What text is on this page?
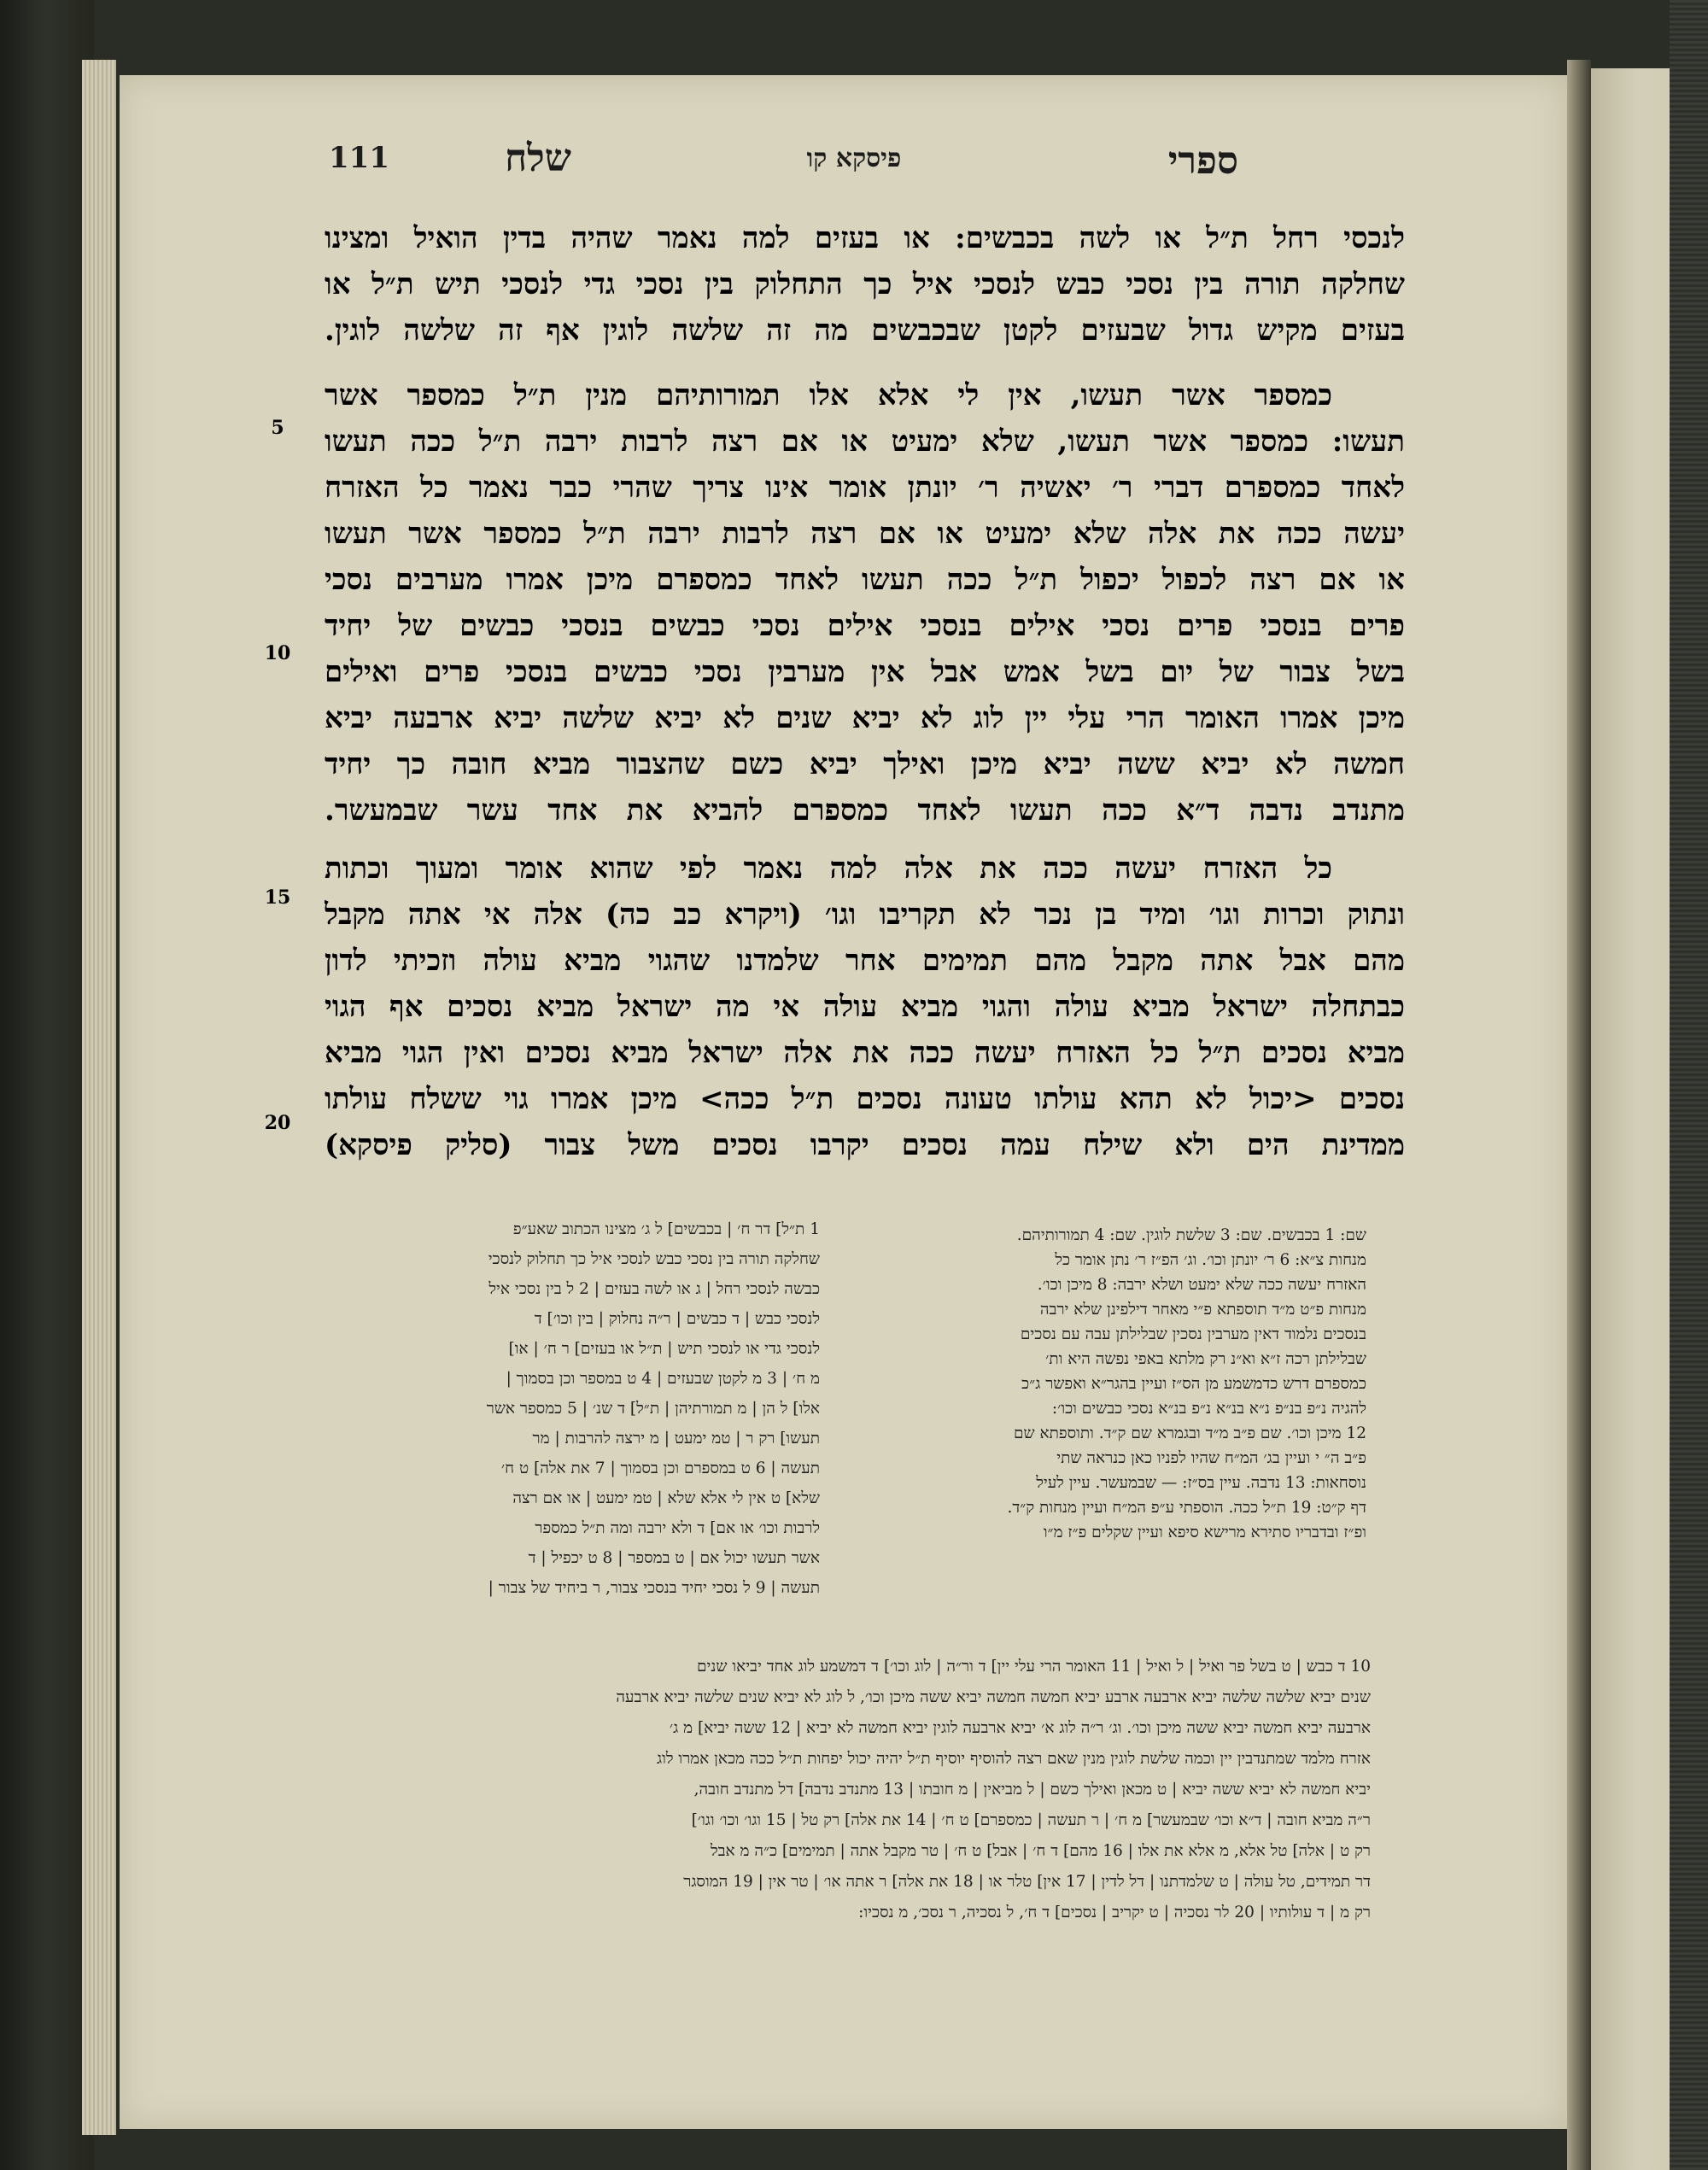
ספרי
פיסקא קו
שלח
111
לנכסי רחל ת״ל או לשה בכבשים: או בעזים למה נאמר שהיה בדין הואיל ומצינו
שחלקה תורה בין נסכי כבש לנסכי איל כך התחלוק בין נסכי גדי לנסכי תיש ת״ל או
בעזים מקיש גדול שבעזים לקטן שבכבשים מה זה שלשה לוגין אף זה שלשה לוגין.
כמספר אשר תעשו, אין לי אלא אלו תמורותיהם מנין ת״ל כמספר אשר
תעשו: כמספר אשר תעשו, שלא ימעיט או אם רצה לרבות ירבה ת״ל ככה תעשו
לאחד כמספרם דברי ר׳ יאשיה ר׳ יונתן אומר אינו צריך שהרי כבר נאמר כל האזרח
יעשה ככה את אלה שלא ימעיט או אם רצה לרבות ירבה ת״ל כמספר אשר תעשו
או אם רצה לכפול יכפול ת״ל ככה תעשו לאחד כמספרם מיכן אמרו מערבים נסכי
פרים בנסכי פרים נסכי אילים בנסכי אילים נסכי כבשים בנסכי כבשים של יחיד
בשל צבור של יום בשל אמש אבל אין מערבין נסכי כבשים בנסכי פרים ואילים
מיכן אמרו האומר הרי עלי יין לוג לא יביא שנים לא יביא שלשה יביא ארבעה יביא
חמשה לא יביא ששה יביא מיכן ואילך יביא כשם שהצבור מביא חובה כך יחיד
מתנדב נדבה ד״א ככה תעשו לאחד כמספרם להביא את אחד עשר שבמעשר.
כל האזרח יעשה ככה את אלה למה נאמר לפי שהוא אומר ומעוך וכתות
ונתוק וכרות וגו׳ ומיד בן נכר לא תקריבו וגו׳ (ויקרא כב כה) אלה אי אתה מקבל
מהם אבל אתה מקבל מהם תמימים אחר שלמדנו שהגוי מביא עולה וזכיתי לדון
כבתחלה ישראל מביא עולה והגוי מביא עולה אי מה ישראל מביא נסכים אף הגוי
מביא נסכים ת״ל כל האזרח יעשה ככה את אלה ישראל מביא נסכים ואין הגוי מביא
נסכים <יכול לא תהא עולתו טעונה נסכים ת״ל ככה> מיכן אמרו גוי ששלח עולתו
ממדינת הים ולא שילח עמה נסכים יקרבו נסכים משל צבור (סליק פיסקא)
5
10
15
20
שם: 1 בכבשים. שם: 3 שלשת לוגין. שם: 4 תמורותיהם.
מנחות צ״א: 6 ר׳ יונתן וכו׳. וג׳ הפ״ז ר׳ נתן אומר כל
האזרח יעשה ככה שלא ימעט ושלא ירבה: 8 מיכן וכו׳.
מנחות פ״ט מ״ד תוספתא פ״י מאחר דילפינן שלא ירבה
בנסכים נלמוד דאין מערבין נסכין שבלילתן עבה עם נסכים
שבלילתן רכה ז״א וא״נ רק מלתא באפי נפשה היא ות׳
כמספרם דרש כדמשמע מן הס״ז ועיין בהגר״א ואפשר ג״כ
להגיה נ״פ בנ״פ נ״א בנ״א נ״פ בנ״א נסכי כבשים וכו׳:
12 מיכן וכו׳. שם פ״ב מ״ד ובגמרא שם ק״ד. ותוספתא שם
פ״ב ה״ י ועיין בג׳ המ״ח שהיו לפניו כאן כנראה שתי
נוסחאות: 13 נדבה. עיין בס״ז: — שבמעשר. עיין לעיל
דף ק״ט: 19 ת״ל ככה. הוספתי ע״פ המ״ח ועיין מנחות ק״ד.
ופ״ז ובדבריו סתירא מרישא סיפא ועיין שקלים פ״ז מ״ו
1 ת״ל] דר ח׳ | בכבשים] ל ג׳ מצינו הכתוב שאע״פ
שחלקה תורה בין נסכי כבש לנסכי איל כך תחלוק לנסכי
כבשה לנסכי רחל | ג או לשה בעזים | 2 ל בין נסכי איל
לנסכי כבש | ד כבשים | ר״ה נחלוק | בין וכו׳] ד
לנסכי גדי או לנסכי תיש | ת״ל או בעזים] ר ח׳ | או]
מ ח׳ | 3 מ לקטן שבעזים | 4 ט במספר וכן בסמוך |
אלו] ל הן | מ תמורתיהן | ת״ל] ד שנ׳ | 5 כמספר אשר
תעשו] רק ר | טמ ימעט | מ ירצה להרבות | מר
תעשה | 6 ט במספרם וכן בסמוך | 7 את אלה] ט ח׳
שלא] ט אין לי אלא שלא | טמ ימעט | או אם רצה
לרבות וכו׳ או אם] ד ולא ירבה ומה ת״ל כמספר
אשר תעשו יכול אם | ט במספר | 8 ט יכפיל | ד
תעשה | 9 ל נסכי יחיד בנסכי צבור, ר ביחיד של צבור |
10 ד כבש | ט בשל פר ואיל | ל ואיל | 11 האומר הרי עלי יין] ד ור״ה | לוג וכו׳] ד דמשמע לוג אחד יביאו שנים
שנים יביא שלשה שלשה יביא ארבעה ארבע יביא חמשה חמשה יביא ששה מיכן וכו׳, ל לוג לא יביא שנים שלשה יביא ארבעה
ארבעה יביא חמשה יביא ששה מיכן וכו׳. וג׳ ר״ה לוג א׳ יביא ארבעה לוגין יביא חמשה לא יביא | 12 ששה יביא] מ ג׳
אזרח מלמד שמתנדבין יין וכמה שלשת לוגין מנין שאם רצה להוסיף יוסיף ת״ל יהיה יכול יפחות ת״ל ככה מכאן אמרו לוג
יביא חמשה לא יביא ששה יביא | ט מכאן ואילך כשם | ל מביאין | מ חובתו | 13 מתנדב נדבה] דל מתנדב חובה,
ר״ה מביא חובה | ד״א וכו׳ שבמעשר] מ ח׳ | ר תעשה | כמספרם] ט ח׳ | 14 את אלה] רק טל | 15 וגו׳ וכו׳ וגו׳]
רק ט | אלה] טל אלא, מ אלא את אלו | 16 מהם] ד ח׳ | אבל] ט ח׳ | טר מקבל אתה | תמימים] כ״ה מ אבל
דר תמידים, טל עולה | ט שלמדתנו | דל לדין | 17 אין] טלר או | 18 את אלה] ר אתה או׳ | טר אין | 19 המוסגר
רק מ | ד עולותיו | 20 לר נסכיה | ט יקריב | נסכים] ד ח׳, ל נסכיה, ר נסכ׳, מ נסכיו:
